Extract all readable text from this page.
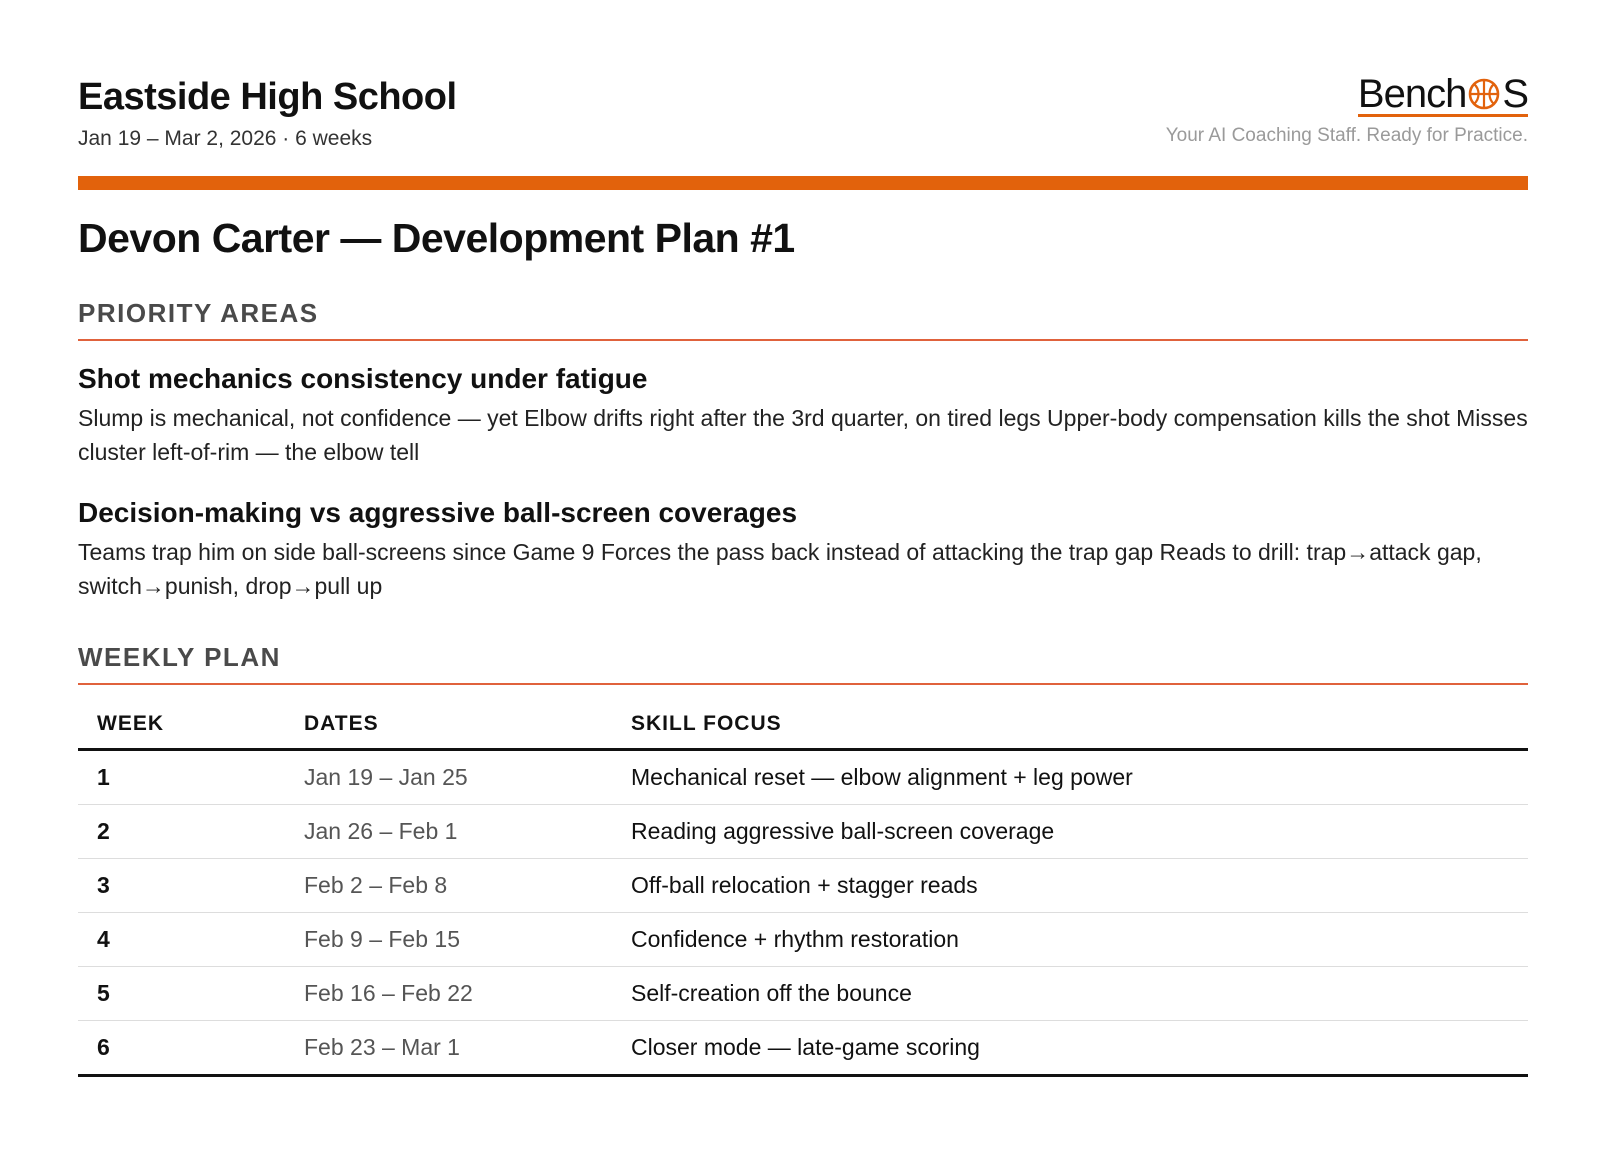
Eastside High School
Jan 19 – Mar 2, 2026 · 6 weeks
Bench S
Your AI Coaching Staff. Ready for Practice.
Devon Carter — Development Plan #1
PRIORITY AREAS

Shot mechanics consistency under fatigue

Slump is mechanical, not confidence — yet Elbow drifts right after the 3rd quarter, on tired legs Upper-body compensation kills the shot Misses cluster left-of-rim — the elbow tell

Decision-making vs aggressive ball-screen coverages

Teams trap him on side ball-screens since Game 9 Forces the pass back instead of attacking the trap gap Reads to drill: trap→attack gap, switch→punish, drop→pull up

WEEKLY PLAN
WEEK	DATES	SKILL FOCUS
1	Jan 19 – Jan 25	Mechanical reset — elbow alignment + leg power
2	Jan 26 – Feb 1	Reading aggressive ball-screen coverage
3	Feb 2 – Feb 8	Off-ball relocation + stagger reads
4	Feb 9 – Feb 15	Confidence + rhythm restoration
5	Feb 16 – Feb 22	Self-creation off the bounce
6	Feb 23 – Mar 1	Closer mode — late-game scoring
